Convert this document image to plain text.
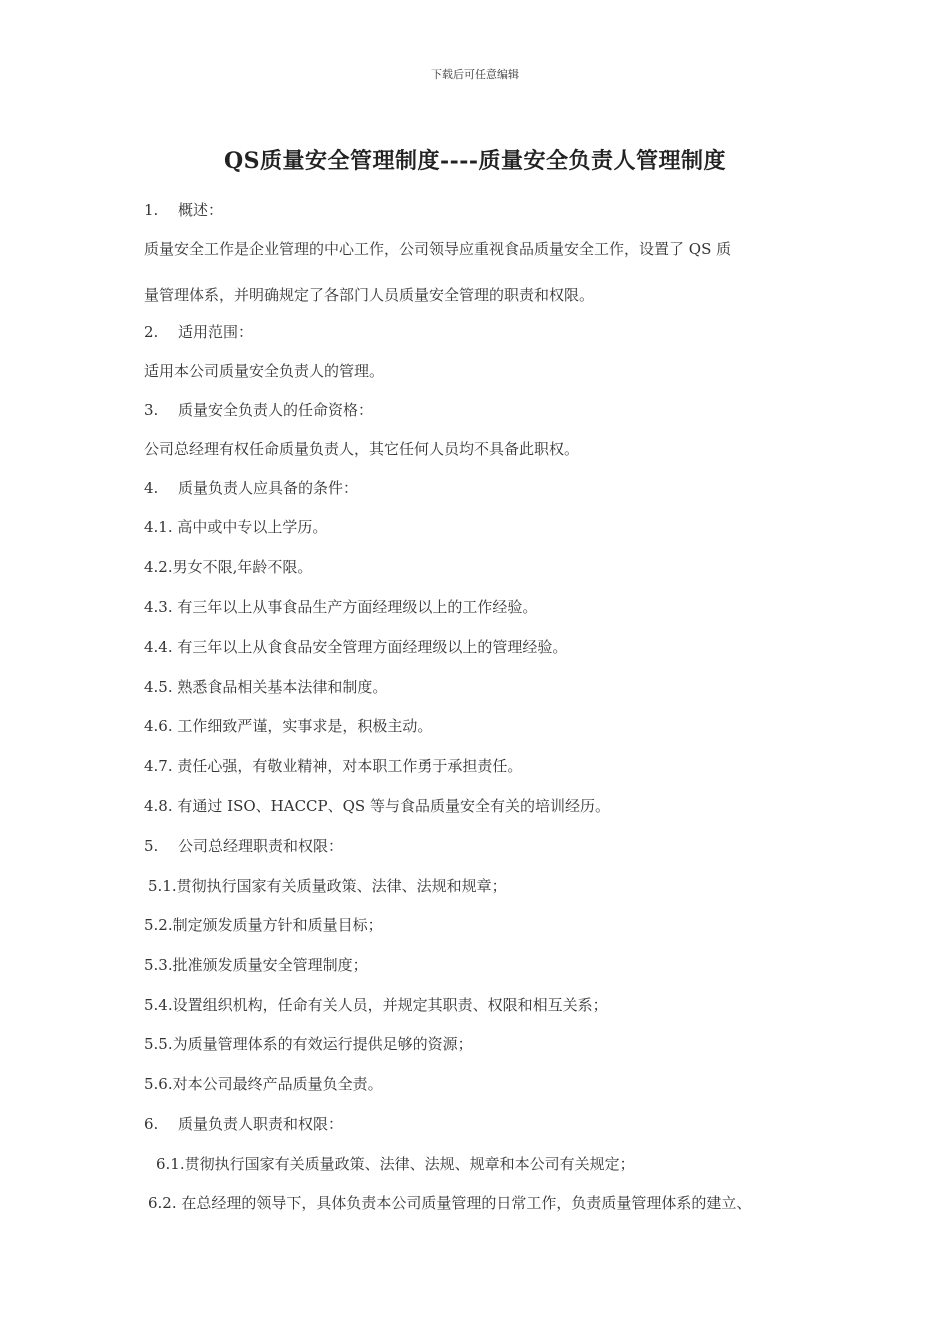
下载后可任意编辑
QS质量安全管理制度----质量安全负责人管理制度
1. 概述：
质量安全工作是企业管理的中心工作，公司领导应重视食品质量安全工作，设置了 QS 质
量管理体系，并明确规定了各部门人员质量安全管理的职责和权限。
2. 适用范围：
适用本公司质量安全负责人的管理。
3. 质量安全负责人的任命资格：
公司总经理有权任命质量负责人，其它任何人员均不具备此职权。
4. 质量负责人应具备的条件：
4.1. 高中或中专以上学历。
4.2.男女不限,年龄不限。
4.3. 有三年以上从事食品生产方面经理级以上的工作经验。
4.4. 有三年以上从食食品安全管理方面经理级以上的管理经验。
4.5. 熟悉食品相关基本法律和制度。
4.6. 工作细致严谨，实事求是，积极主动。
4.7. 责任心强，有敬业精神，对本职工作勇于承担责任。
4.8. 有通过 ISO、HACCP、QS 等与食品质量安全有关的培训经历。
5. 公司总经理职责和权限：
5.1.贯彻执行国家有关质量政策、法律、法规和规章；
5.2.制定颁发质量方针和质量目标；
5.3.批准颁发质量安全管理制度；
5.4.设置组织机构，任命有关人员，并规定其职责、权限和相互关系；
5.5.为质量管理体系的有效运行提供足够的资源；
5.6.对本公司最终产品质量负全责。
6. 质量负责人职责和权限：
6.1.贯彻执行国家有关质量政策、法律、法规、规章和本公司有关规定；
6.2. 在总经理的领导下，具体负责本公司质量管理的日常工作，负责质量管理体系的建立、
